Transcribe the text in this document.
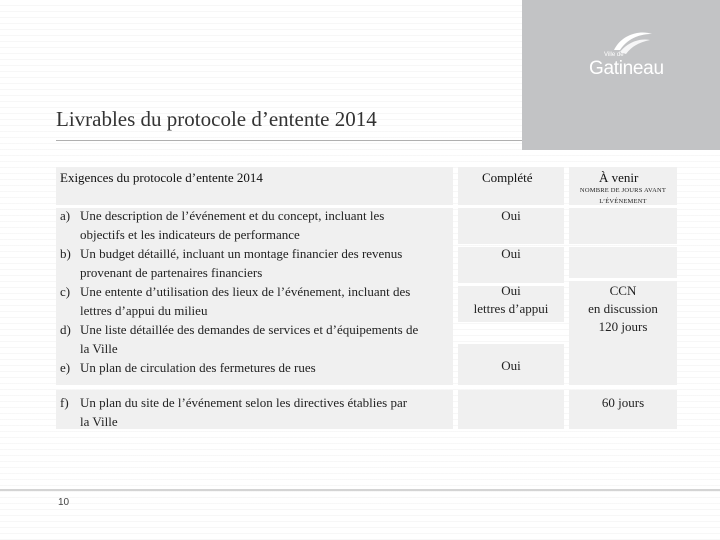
Ville de
Gatineau
Livrables du protocole d’entente 2014
Exigences du protocole d’entente 2014	Complété	À venir
NOMBRE DE JOURS AVANT
L’ÉVÉNEMENT
a) Une description de l’événement et du concept, incluant les
objectifs et les indicateurs de performance
b) Un budget détaillé, incluant un montage financier des revenus
provenant de partenaires financiers
c) Une entente d’utilisation des lieux de l’événement, incluant des
lettres d’appui du milieu
d) Une liste détaillée des demandes de services et d’équipements de
la Ville
e) Un plan de circulation des fermetures de rues
f) Un plan du site de l’événement selon les directives établies par
la Ville
Oui
Oui
Oui
lettres d’appui
Oui
CCN
en discussion
120 jours
60 jours
10
